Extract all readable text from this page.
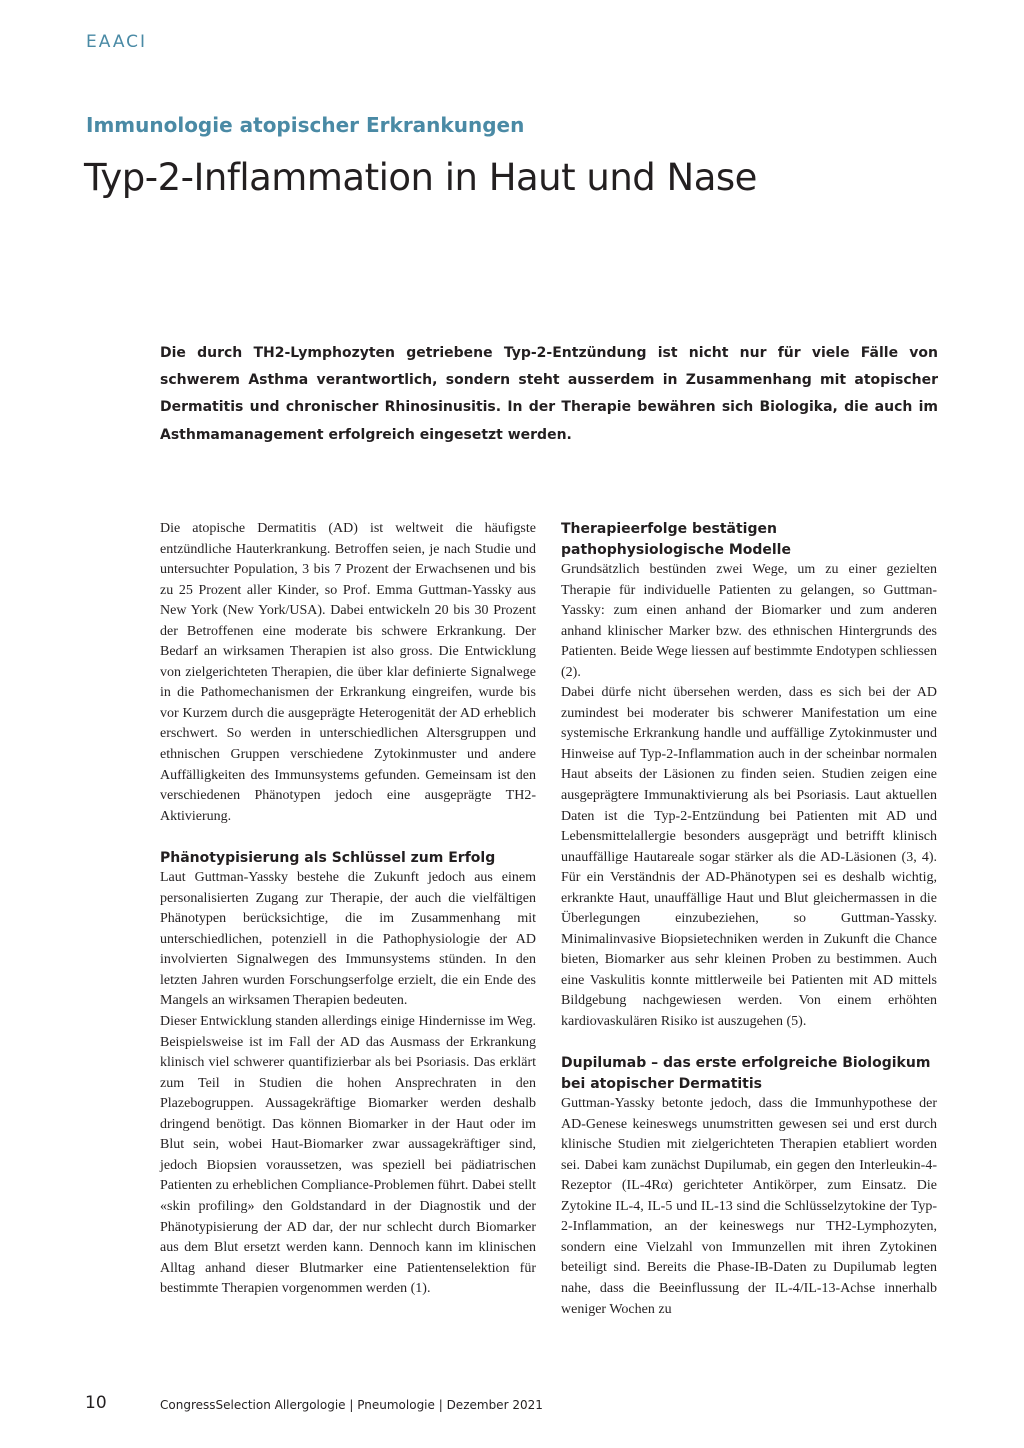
EAACI
Immunologie atopischer Erkrankungen
Typ-2-Inflammation in Haut und Nase
Die durch TH2-Lymphozyten getriebene Typ-2-Entzündung ist nicht nur für viele Fälle von schwerem Asthma verantwortlich, sondern steht ausserdem in Zusammenhang mit atopischer Dermatitis und chronischer Rhinosinusitis. In der Therapie bewähren sich Biologika, die auch im Asthmamanagement erfolgreich eingesetzt werden.

Die atopische Dermatitis (AD) ist weltweit die häufigste entzündliche Hauterkrankung. Betroffen seien, je nach Studie und untersuchter Population, 3 bis 7 Prozent der Erwachsenen und bis zu 25 Prozent aller Kinder, so Prof. Emma Guttman-Yassky aus New York (New York/USA). Dabei entwickeln 20 bis 30 Prozent der Betroffenen eine moderate bis schwere Erkrankung. Der Bedarf an wirksamen Therapien ist also gross. Die Entwicklung von zielgerichteten Therapien, die über klar definierte Signalwege in die Pathomechanismen der Erkrankung eingreifen, wurde bis vor Kurzem durch die ausgeprägte Heterogenität der AD erheblich erschwert. So werden in unterschiedlichen Altersgruppen und ethnischen Gruppen verschiedene Zytokinmuster und andere Auffälligkeiten des Immunsystems gefunden. Gemeinsam ist den verschiedenen Phänotypen jedoch eine ausgeprägte TH2-Aktivierung.

Phänotypisierung als Schlüssel zum Erfolg

Laut Guttman-Yassky bestehe die Zukunft jedoch aus einem personalisierten Zugang zur Therapie, der auch die vielfältigen Phänotypen berücksichtige, die im Zusammenhang mit unterschiedlichen, potenziell in die Pathophysiologie der AD involvierten Signalwegen des Immunsystems stünden. In den letzten Jahren wurden Forschungserfolge erzielt, die ein Ende des Mangels an wirksamen Therapien bedeuten.

Dieser Entwicklung standen allerdings einige Hindernisse im Weg. Beispielsweise ist im Fall der AD das Ausmass der Erkrankung klinisch viel schwerer quantifizierbar als bei Psoriasis. Das erklärt zum Teil in Studien die hohen Ansprechraten in den Plazebogruppen. Aussagekräftige Biomarker werden deshalb dringend benötigt. Das können Biomarker in der Haut oder im Blut sein, wobei Haut-Biomarker zwar aussagekräftiger sind, jedoch Biopsien voraussetzen, was speziell bei pädiatrischen Patienten zu erheblichen Compliance-Problemen führt. Dabei stellt «skin profiling» den Goldstandard in der Diagnostik und der Phänotypisierung der AD dar, der nur schlecht durch Biomarker aus dem Blut ersetzt werden kann. Dennoch kann im klinischen Alltag anhand dieser Blutmarker eine Patientenselektion für bestimmte Therapien vorgenommen werden (1).

Therapieerfolge bestätigen pathophysiologische Modelle

Grundsätzlich bestünden zwei Wege, um zu einer gezielten Therapie für individuelle Patienten zu gelangen, so Guttman-Yassky: zum einen anhand der Biomarker und zum anderen anhand klinischer Marker bzw. des ethnischen Hintergrunds des Patienten. Beide Wege liessen auf bestimmte Endotypen schliessen (2).

Dabei dürfe nicht übersehen werden, dass es sich bei der AD zumindest bei moderater bis schwerer Manifestation um eine systemische Erkrankung handle und auffällige Zytokinmuster und Hinweise auf Typ-2-Inflammation auch in der scheinbar normalen Haut abseits der Läsionen zu finden seien. Studien zeigen eine ausgeprägtere Immunaktivierung als bei Psoriasis. Laut aktuellen Daten ist die Typ-2-Entzündung bei Patienten mit AD und Lebensmittelallergie besonders ausgeprägt und betrifft klinisch unauffällige Hautareale sogar stärker als die AD-Läsionen (3, 4). Für ein Verständnis der AD-Phänotypen sei es deshalb wichtig, erkrankte Haut, unauffällige Haut und Blut gleichermassen in die Überlegungen einzubeziehen, so Guttman-Yassky. Minimalinvasive Biopsietechniken werden in Zukunft die Chance bieten, Biomarker aus sehr kleinen Proben zu bestimmen. Auch eine Vaskulitis konnte mittlerweile bei Patienten mit AD mittels Bildgebung nachgewiesen werden. Von einem erhöhten kardiovaskulären Risiko ist auszugehen (5).

Dupilumab – das erste erfolgreiche Biologikum bei atopischer Dermatitis

Guttman-Yassky betonte jedoch, dass die Immunhypothese der AD-Genese keineswegs unumstritten gewesen sei und erst durch klinische Studien mit zielgerichteten Therapien etabliert worden sei. Dabei kam zunächst Dupilumab, ein gegen den Interleukin-4-Rezeptor (IL-4Rα) gerichteter Antikörper, zum Einsatz. Die Zytokine IL-4, IL-5 und IL-13 sind die Schlüsselzytokine der Typ-2-Inflammation, an der keineswegs nur TH2-Lymphozyten, sondern eine Vielzahl von Immunzellen mit ihren Zytokinen beteiligt sind. Bereits die Phase-IB-Daten zu Dupilumab legten nahe, dass die Beeinflussung der IL-4/IL-13-Achse innerhalb weniger Wochen zu

10	CongressSelection Allergologie | Pneumologie | Dezember 2021
